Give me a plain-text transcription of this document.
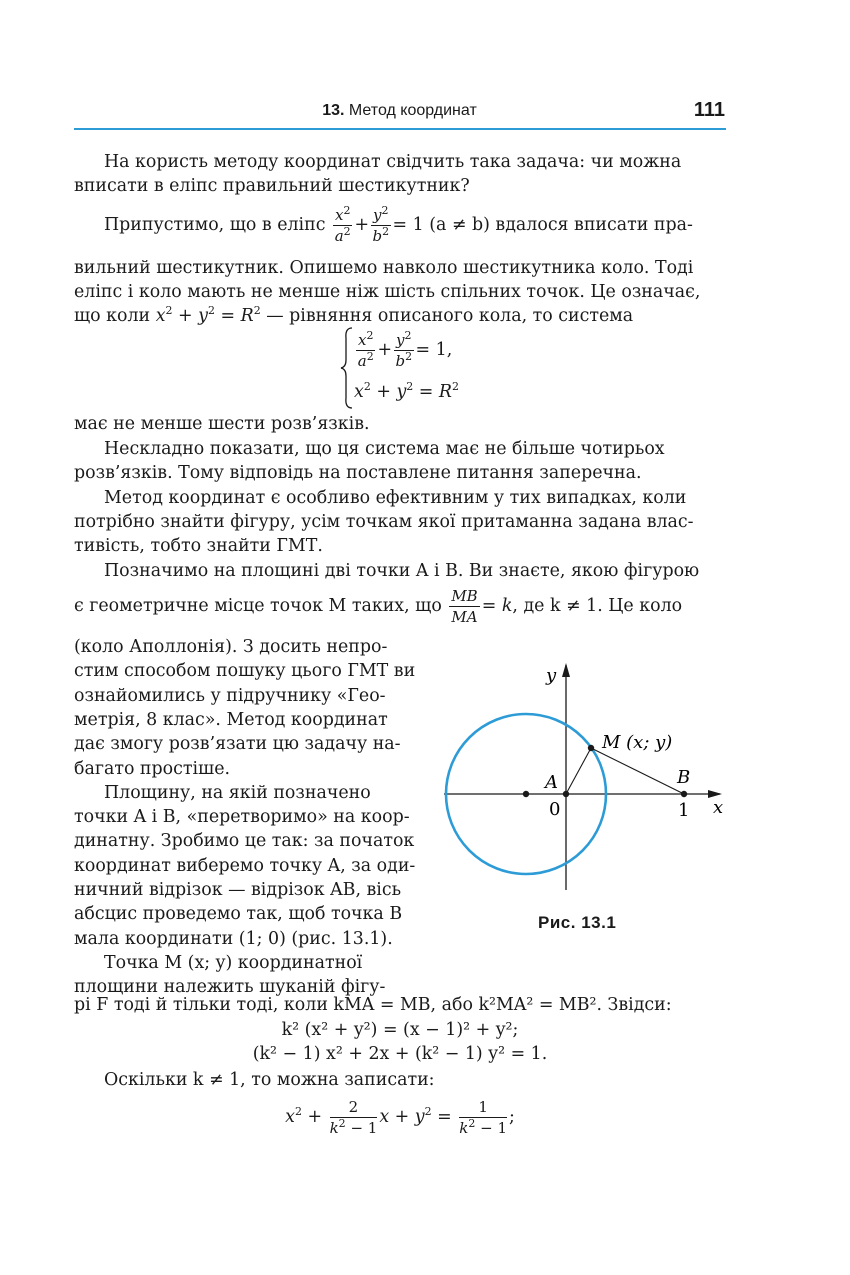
13. Метод координат	111
На користь методу координат свідчить така задача: чи можна
вписати в еліпс правильний шестикутник?
Припустимо, що в еліпс $\frac{x^2}{a^2} + \frac{y^2}{b^2} = 1$ (a ≠ b) вдалося вписати пра-
вильний шестикутник. Опишемо навколо шестикутника коло. Тоді
еліпс і коло мають не менше ніж шість спільних точок. Це означає,
що коли $x^2 + y^2 = R^2$ — рівняння описаного кола, то система
$\frac{x^2}{a^2} + \frac{y^2}{b^2} = 1$,
$x^2 + y^2 = R^2$
має не менше шести розв’язків.
Нескладно показати, що ця система має не більше чотирьох
розв’язків. Тому відповідь на поставлене питання заперечна.
Метод координат є особливо ефективним у тих випадках, коли
потрібно знайти фігуру, усім точкам якої притаманна задана влас-
тивість, тобто знайти ГМТ.
Позначимо на площині дві точки A і B. Ви знаєте, якою фігурою
є геометричне місце точок M таких, що $\frac{MB}{MA} = k$, де k ≠ 1. Це коло
(коло Аполлонія). З досить непро-
стим способом пошуку цього ГМТ ви
ознайомились у підручнику «Гео-
метрія, 8 клас». Метод координат
дає змогу розв’язати цю задачу на-
багато простіше.
Площину, на якій позначено
точки A і B, «перетворимо» на коор-
динатну. Зробимо це так: за початок
координат виберемо точку A, за оди-
ничний відрізок — відрізок AB, вісь
абсцис проведемо так, щоб точка B
мала координати (1; 0) (рис. 13.1).
Точка M (x; y) координатної
площини належить шуканій фігу-
y
x
M (x; y)
A	B
0	1
Рис. 13.1
рі F тоді й тільки тоді, коли kMA = MB, або k²MA² = MB². Звідси:
k² (x² + y²) = (x − 1)² + y²;
(k² − 1) x² + 2x + (k² − 1) y² = 1.
Оскільки k ≠ 1, то можна записати:
$x^2 + \frac{2}{k^2 - 1}$ $x + y^2 = \frac{1}{k^2 - 1}$ ;
